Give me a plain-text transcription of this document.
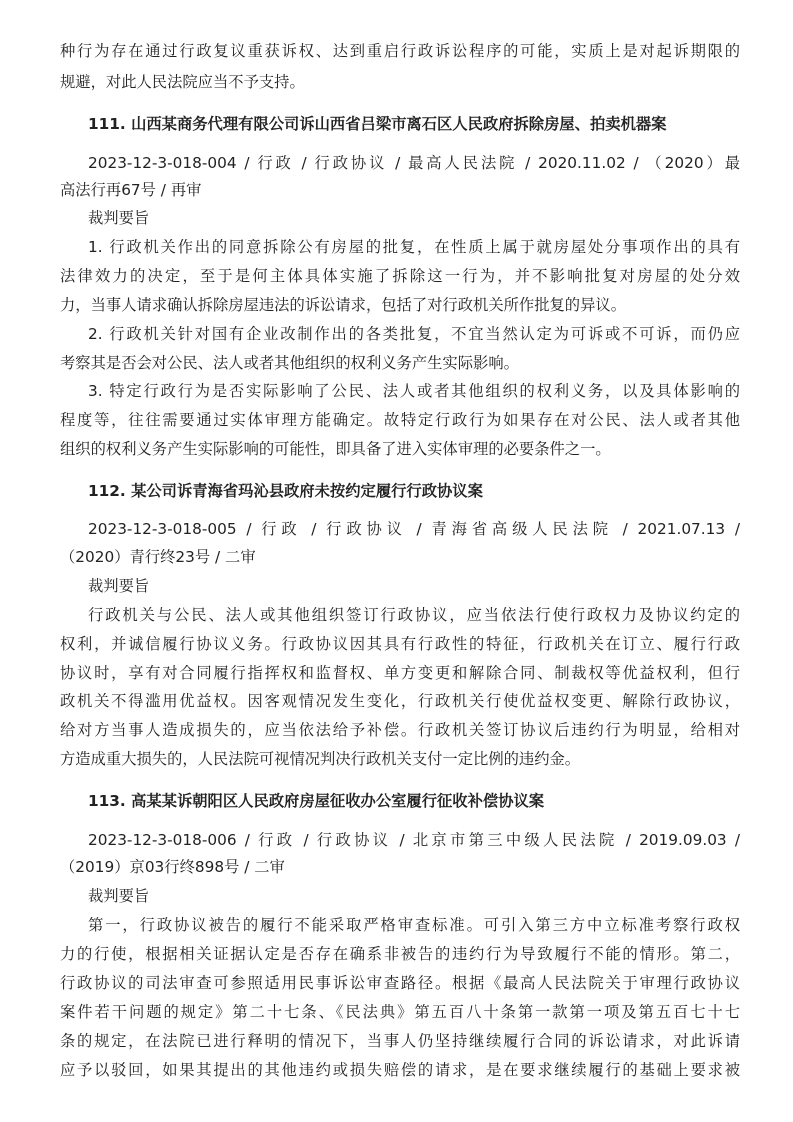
种行为存在通过行政复议重获诉权、达到重启行政诉讼程序的可能，实质上是对起诉期限的
规避，对此人民法院应当不予支持。
111. 山西某商务代理有限公司诉山西省吕梁市离石区人民政府拆除房屋、拍卖机器案
2023-12-3-018-004 / 行政 / 行政协议 / 最高人民法院 / 2020.11.02 / （2020）最
高法行再67号 / 再审
裁判要旨
1. 行政机关作出的同意拆除公有房屋的批复，在性质上属于就房屋处分事项作出的具有
法律效力的决定，至于是何主体具体实施了拆除这一行为，并不影响批复对房屋的处分效
力，当事人请求确认拆除房屋违法的诉讼请求，包括了对行政机关所作批复的异议。
2. 行政机关针对国有企业改制作出的各类批复，不宜当然认定为可诉或不可诉，而仍应
考察其是否会对公民、法人或者其他组织的权利义务产生实际影响。
3. 特定行政行为是否实际影响了公民、法人或者其他组织的权利义务，以及具体影响的
程度等，往往需要通过实体审理方能确定。故特定行政行为如果存在对公民、法人或者其他
组织的权利义务产生实际影响的可能性，即具备了进入实体审理的必要条件之一。
112. 某公司诉青海省玛沁县政府未按约定履行行政协议案
2023-12-3-018-005 / 行政 / 行政协议 / 青海省高级人民法院 / 2021.07.13 /
（2020）青行终23号 / 二审
裁判要旨
行政机关与公民、法人或其他组织签订行政协议，应当依法行使行政权力及协议约定的
权利，并诚信履行协议义务。行政协议因其具有行政性的特征，行政机关在订立、履行行政
协议时，享有对合同履行指挥权和监督权、单方变更和解除合同、制裁权等优益权利，但行
政机关不得滥用优益权。因客观情况发生变化，行政机关行使优益权变更、解除行政协议，
给对方当事人造成损失的，应当依法给予补偿。行政机关签订协议后违约行为明显，给相对
方造成重大损失的，人民法院可视情况判决行政机关支付一定比例的违约金。
113. 高某某诉朝阳区人民政府房屋征收办公室履行征收补偿协议案
2023-12-3-018-006 / 行政 / 行政协议 / 北京市第三中级人民法院 / 2019.09.03 /
（2019）京03行终898号 / 二审
裁判要旨
第一，行政协议被告的履行不能采取严格审查标准。可引入第三方中立标准考察行政权
力的行使，根据相关证据认定是否存在确系非被告的违约行为导致履行不能的情形。第二，
行政协议的司法审查可参照适用民事诉讼审查路径。根据《最高人民法院关于审理行政协议
案件若干问题的规定》第二十七条、《民法典》第五百八十条第一款第一项及第五百七十七
条的规定，在法院已进行释明的情况下，当事人仍坚持继续履行合同的诉讼请求，对此诉请
应予以驳回，如果其提出的其他违约或损失赔偿的请求，是在要求继续履行的基础上要求被
